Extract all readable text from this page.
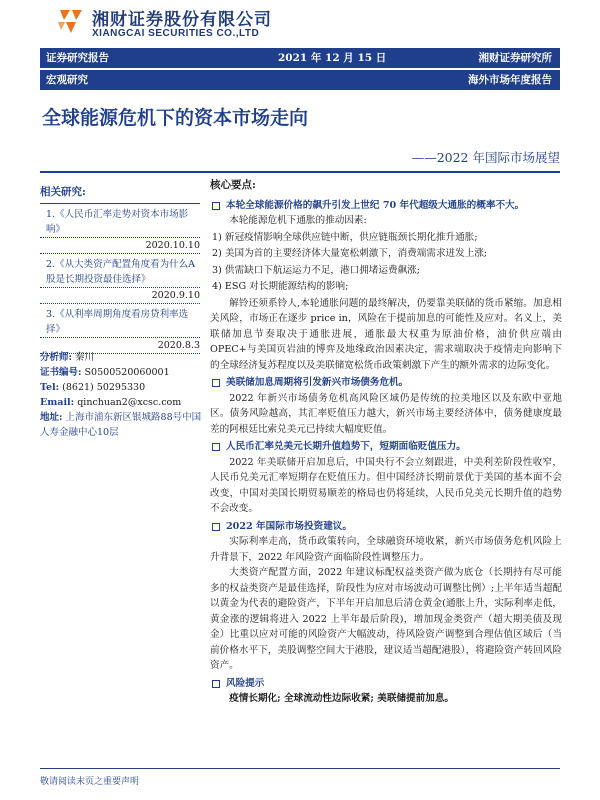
湘财证券股份有限公司
XIANGCAI SECURITIES CO.,LTD
证券研究报告	2021 年 12 月 15 日	湘财证券研究所
宏观研究	海外市场年度报告
全球能源危机下的资本市场走向
——2022 年国际市场展望
相关研究:
1.《人民币汇率走势对资本市场影响》
2020.10.10
2.《从大类资产配置角度看为什么A股是长期投资最佳选择》
2020.9.10
3.《从利率周期角度看房贷利率选择》
2020.8.3
分析师: 秦川
证书编号: S0500520060001
Tel: (8621) 50295330
Email: qinchuan2@xcsc.com
地址: 上海市浦东新区银城路88号中国人寿金融中心10层
核心要点:
本轮全球能源价格的飙升引发上世纪 70 年代超级大通胀的概率不大。

本轮能源危机下通胀的推动因素:

1) 新冠疫情影响全球供应链中断，供应链瓶颈长期化推升通胀;
2) 美国为首的主要经济体大量宽松刺激下，消费端需求迸发上涨;
3) 供需缺口下航运运力不足，港口拥堵运费飙涨;
4) ESG 对长期能源结构的影响;

解铃还须系铃人,本轮通胀问题的最终解决，仍要靠美联储的货币紧缩。加息相关风险，市场正在逐步 price in，风险在于提前加息的可能性及应对。名义上，美联储加息节奏取决于通胀进展，通胀最大权重为原油价格，油价供应端由OPEC+与美国页岩油的博弈及地缘政治因素决定，需求端取决于疫情走向影响下的全球经济复苏程度以及美联储宽松货币政策刺激下产生的额外需求的边际变化。

美联储加息周期将引发新兴市场债务危机。

2022 年新兴市场债务危机高风险区域仍是传统的拉美地区以及东欧中亚地区。债务风险越高，其汇率贬值压力越大，新兴市场主要经济体中，债务健康度最差的阿根廷比索兑美元已持续大幅度贬值。

人民币汇率兑美元长期升值趋势下，短期面临贬值压力。

2022 年美联储开启加息后，中国央行不会立刻跟进，中美利差阶段性收窄，人民币兑美元汇率短期存在贬值压力。但中国经济长期前景优于美国的基本面不会改变，中国对美国长期贸易顺差的格局也仍将延续，人民币兑美元长期升值的趋势不会改变。

2022 年国际市场投资建议。

实际利率走高，货币政策转向，全球融资环境收紧，新兴市场债务危机风险上升背景下，2022 年风险资产面临阶段性调整压力。

大类资产配置方面，2022 年建议标配权益类资产做为底仓（长期持有尽可能多的权益类资产是最佳选择，阶段性为应对市场波动可调整比例）;上半年适当超配以黄金为代表的避险资产，下半年开启加息后清仓黄金(通胀上升，实际利率走低，黄金涨的逻辑将进入 2022 上半年最后阶段)，增加现金类资产（超大期美债及现金）比重以应对可能的风险资产大幅波动，待风险资产调整到合理估值区域后（当前价格水平下，美股调整空间大于港股，建议适当超配港股），将避险资产转回风险资产。

风险提示

疫情长期化; 全球流动性边际收紧; 美联储提前加息。

敬请阅读末页之重要声明
